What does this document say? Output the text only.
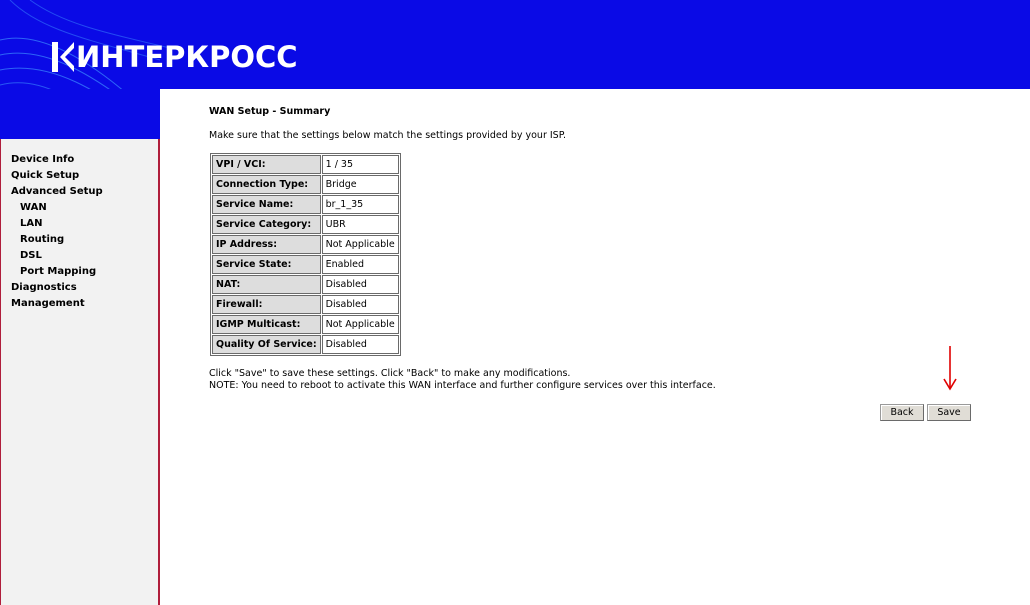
ИНТЕРКРОСС
Device Info
Quick Setup
Advanced Setup
WAN
LAN
Routing
DSL
Port Mapping
Diagnostics
Management
WAN Setup - Summary
Make sure that the settings below match the settings provided by your ISP.
VPI / VCI:	1 / 35
Connection Type:	Bridge
Service Name:	br_1_35
Service Category:	UBR
IP Address:	Not Applicable
Service State:	Enabled
NAT:	Disabled
Firewall:	Disabled
IGMP Multicast:	Not Applicable
Quality Of Service:	Disabled
Click "Save" to save these settings. Click "Back" to make any modifications.
NOTE: You need to reboot to activate this WAN interface and further configure services over this interface.
Back	Save
